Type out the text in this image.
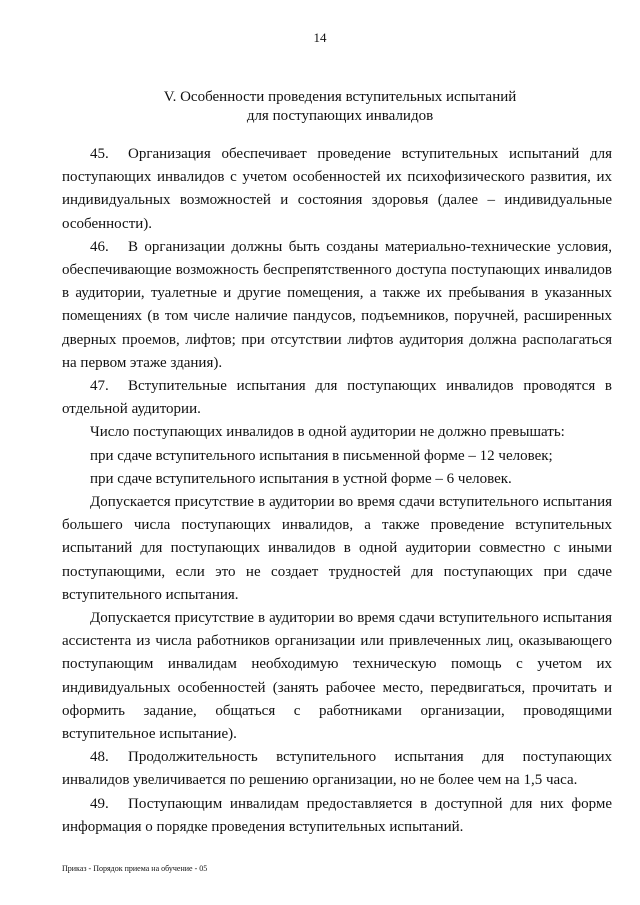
14
V. Особенности проведения вступительных испытаний
для поступающих инвалидов

45. Организация обеспечивает проведение вступительных испытаний для поступающих инвалидов с учетом особенностей их психофизического развития, их индивидуальных возможностей и состояния здоровья (далее – индивидуальные особенности).

46. В организации должны быть созданы материально-технические условия, обеспечивающие возможность беспрепятственного доступа поступающих инвалидов в аудитории, туалетные и другие помещения, а также их пребывания в указанных помещениях (в том числе наличие пандусов, подъемников, поручней, расширенных дверных проемов, лифтов; при отсутствии лифтов аудитория должна располагаться на первом этаже здания).

47. Вступительные испытания для поступающих инвалидов проводятся в отдельной аудитории.

Число поступающих инвалидов в одной аудитории не должно превышать:

при сдаче вступительного испытания в письменной форме – 12 человек;

при сдаче вступительного испытания в устной форме – 6 человек.

Допускается присутствие в аудитории во время сдачи вступительного испытания большего числа поступающих инвалидов, а также проведение вступительных испытаний для поступающих инвалидов в одной аудитории совместно с иными поступающими, если это не создает трудностей для поступающих при сдаче вступительного испытания.

Допускается присутствие в аудитории во время сдачи вступительного испытания ассистента из числа работников организации или привлеченных лиц, оказывающего поступающим инвалидам необходимую техническую помощь с учетом их индивидуальных особенностей (занять рабочее место, передвигаться, прочитать и оформить задание, общаться с работниками организации, проводящими вступительное испытание).

48. Продолжительность вступительного испытания для поступающих инвалидов увеличивается по решению организации, но не более чем на 1,5 часа.

49. Поступающим инвалидам предоставляется в доступной для них форме информация о порядке проведения вступительных испытаний.

Приказ - Порядок приема на обучение - 05
